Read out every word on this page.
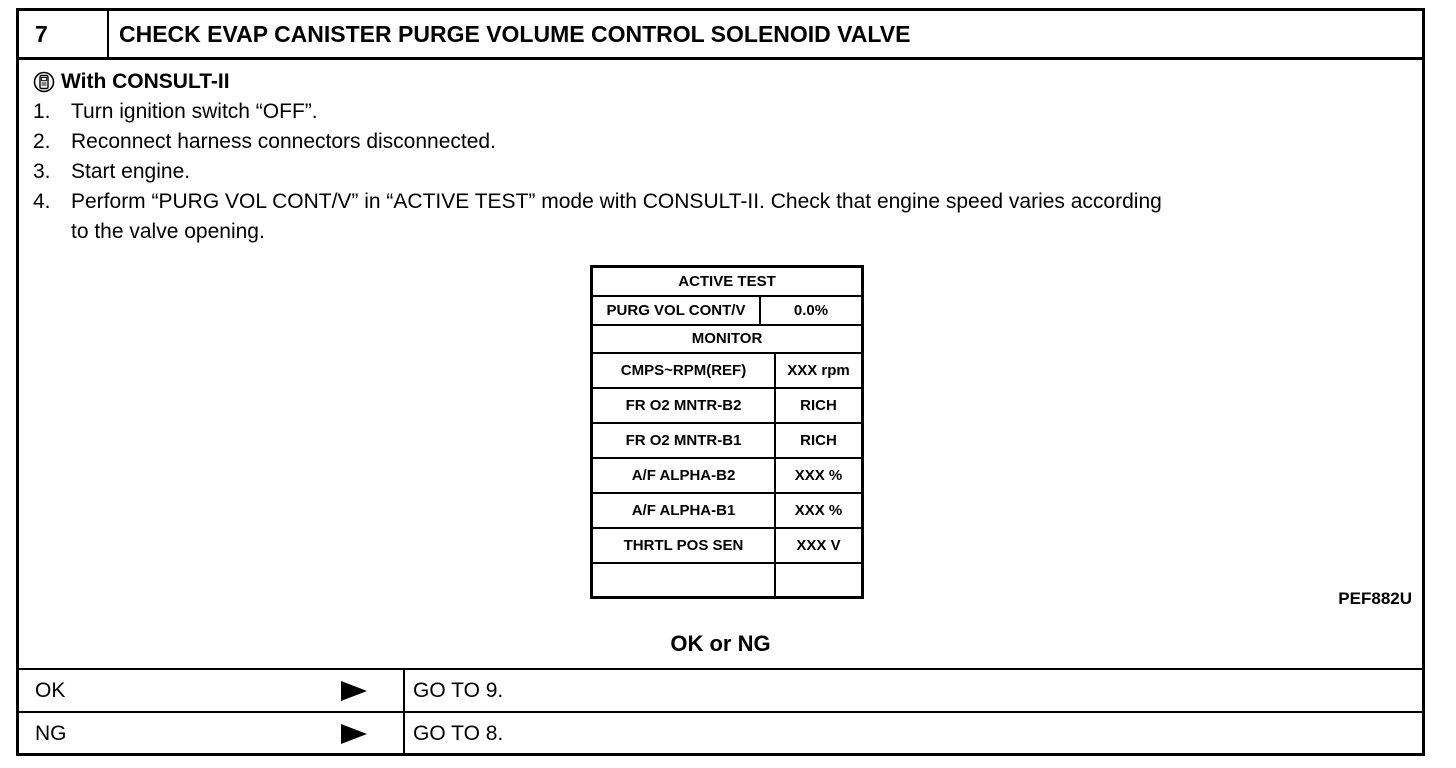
7	CHECK EVAP CANISTER PURGE VOLUME CONTROL SOLENOID VALVE
With CONSULT-II
1. Turn ignition switch “OFF”.
2. Reconnect harness connectors disconnected.
3. Start engine.
4. Perform “PURG VOL CONT/V” in “ACTIVE TEST” mode with CONSULT-II. Check that engine speed varies according
to the valve opening.
ACTIVE TEST
PURG VOL CONT/V	0.0%
MONITOR
CMPS~RPM(REF)	XXX rpm
FR O2 MNTR-B2	RICH
FR O2 MNTR-B1	RICH
A/F ALPHA-B2	XXX %
A/F ALPHA-B1	XXX %
THRTL POS SEN	XXX V
PEF882U
OK or NG
OK	GO TO 9.
NG	GO TO 8.
